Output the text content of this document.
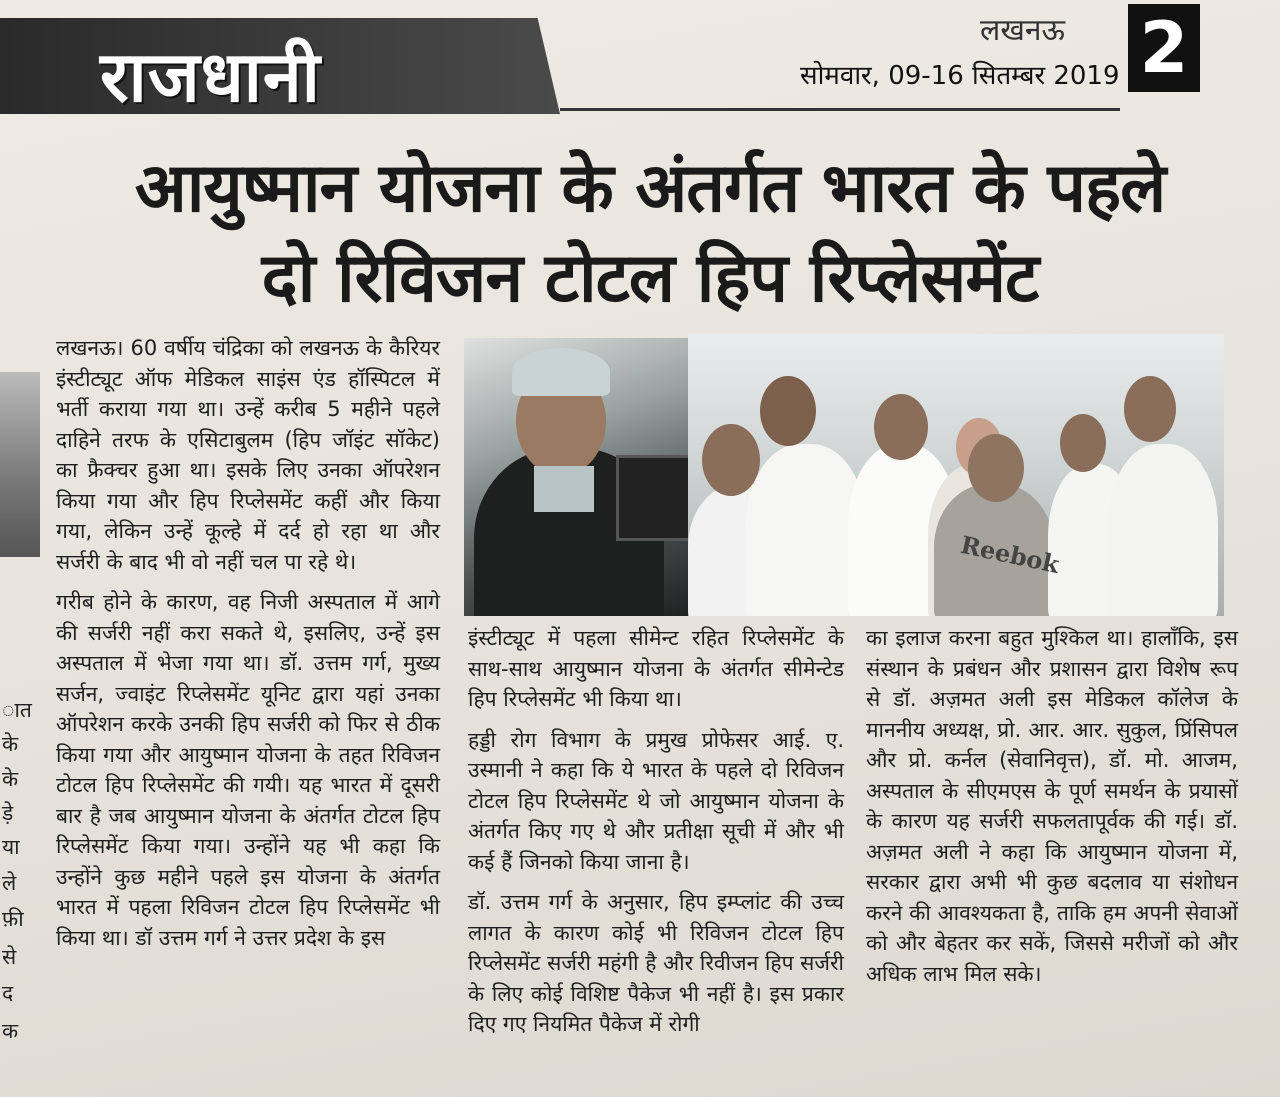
राजधानी
लखनऊ
सोमवार, 09-16 सितम्बर 2019 2
आयुष्मान योजना के अंतर्गत भारत के पहले
दो रिविजन टोटल हिप रिप्लेसमेंट
ात
के
के
ड़े
या
ले
फ़ी
से
द
क

लखनऊ। 60 वर्षीय चंद्रिका को लखनऊ के कैरियर इंस्टीट्यूट ऑफ मेडिकल साइंस एंड हॉस्पिटल में भर्ती कराया गया था। उन्हें करीब 5 महीने पहले दाहिने तरफ के एसिटाबुलम (हिप जॉइंट सॉकेट) का फ्रैक्चर हुआ था। इसके लिए उनका ऑपरेशन किया गया और हिप रिप्लेसमेंट कहीं और किया गया, लेकिन उन्हें कूल्हे में दर्द हो रहा था और सर्जरी के बाद भी वो नहीं चल पा रहे थे।

गरीब होने के कारण, वह निजी अस्पताल में आगे की सर्जरी नहीं करा सकते थे, इसलिए, उन्हें इस अस्पताल में भेजा गया था। डॉ. उत्तम गर्ग, मुख्य सर्जन, ज्वाइंट रिप्लेसमेंट यूनिट द्वारा यहां उनका ऑपरेशन करके उनकी हिप सर्जरी को फिर से ठीक किया गया और आयुष्मान योजना के तहत रिविजन टोटल हिप रिप्लेसमेंट की गयी। यह भारत में दूसरी बार है जब आयुष्मान योजना के अंतर्गत टोटल हिप रिप्लेसमेंट किया गया। उन्होंने यह भी कहा कि उन्होंने कुछ महीने पहले इस योजना के अंतर्गत भारत में पहला रिविजन टोटल हिप रिप्लेसमेंट भी किया था। डॉ उत्तम गर्ग ने उत्तर प्रदेश के इस

Reebok

इंस्टीट्यूट में पहला सीमेन्ट रहित रिप्लेसमेंट के साथ-साथ आयुष्मान योजना के अंतर्गत सीमेन्टेड हिप रिप्लेसमेंट भी किया था।

हड्डी रोग विभाग के प्रमुख प्रोफेसर आई. ए. उस्मानी ने कहा कि ये भारत के पहले दो रिविजन टोटल हिप रिप्लेसमेंट थे जो आयुष्मान योजना के अंतर्गत किए गए थे और प्रतीक्षा सूची में और भी कई हैं जिनको किया जाना है।

डॉ. उत्तम गर्ग के अनुसार, हिप इम्प्लांट की उच्च लागत के कारण कोई भी रिविजन टोटल हिप रिप्लेसमेंट सर्जरी महंगी है और रिवीजन हिप सर्जरी के लिए कोई विशिष्ट पैकेज भी नहीं है। इस प्रकार दिए गए नियमित पैकेज में रोगी

का इलाज करना बहुत मुश्किल था। हालाँकि, इस संस्थान के प्रबंधन और प्रशासन द्वारा विशेष रूप से डॉ. अज़मत अली इस मेडिकल कॉलेज के माननीय अध्यक्ष, प्रो. आर. आर. सुकुल, प्रिंसिपल और प्रो. कर्नल (सेवानिवृत्त), डॉ. मो. आजम, अस्पताल के सीएमएस के पूर्ण समर्थन के प्रयासों के कारण यह सर्जरी सफलतापूर्वक की गई। डॉ. अज़मत अली ने कहा कि आयुष्मान योजना में, सरकार द्वारा अभी भी कुछ बदलाव या संशोधन करने की आवश्यकता है, ताकि हम अपनी सेवाओं को और बेहतर कर सकें, जिससे मरीजों को और अधिक लाभ मिल सके।
